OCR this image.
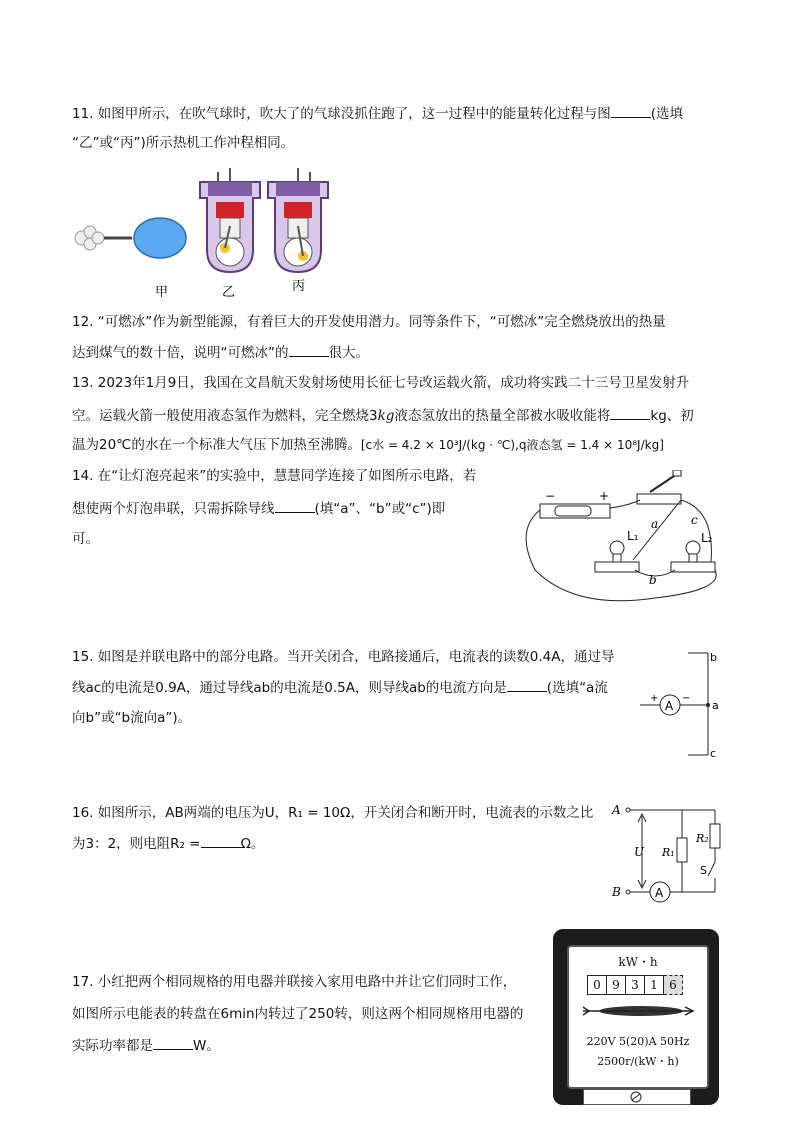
11. 如图甲所示，在吹气球时，吹大了的气球没抓住跑了，这一过程中的能量转化过程与图	(选填
“乙”或“丙”)所示热机工作冲程相同。
甲	乙	丙
12. “可燃冰”作为新型能源，有着巨大的开发使用潜力。同等条件下，“可燃冰”完全燃烧放出的热量
达到煤气的数十倍，说明“可燃冰”的	很大。
13. 2023年1月9日，我国在文昌航天发射场使用长征七号改运载火箭，成功将实践二十三号卫星发射升
空。运载火箭一般使用液态氢作为燃料，完全燃烧3kg液态氢放出的热量全部被水吸收能将	kg、初
温为20℃的水在一个标准大气压下加热至沸腾。[c水 = 4.2 × 10³J/(kg · ℃),q液态氢 = 1.4 × 10⁸J/kg]
14. 在“让灯泡亮起来”的实验中，慧慧同学连接了如图所示电路，若
想使两个灯泡串联，只需拆除导线	(填“a”、“b”或“c”)即
可。
−	+
L₁	L₂
a
b
c
15. 如图是并联电路中的部分电路。当开关闭合，电路接通后，电流表的读数0.4A，通过导
线ac的电流是0.9A，通过导线ab的电流是0.5A，则导线ab的电流方向是	(选填“a流
向b”或“b流向a”)。
A
+ −
b
a
c
16. 如图所示，AB两端的电压为U，R₁ = 10Ω，开关闭合和断开时，电流表的示数之比
为3：2，则电阻R₂ =	Ω。
A
B	A
U R₁
R₂
S
17. 小红把两个相同规格的用电器并联接入家用电路中并让它们同时工作，
如图所示电能表的转盘在6min内转过了250转，则这两个相同规格用电器的
实际功率都是	W。
kW・h
0 9 3 1 6
220V 5(20)A 50Hz
2500r/(kW・h)
